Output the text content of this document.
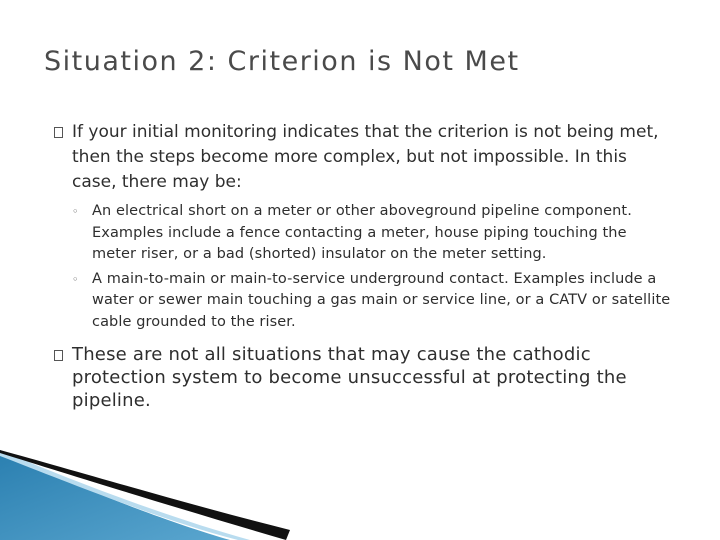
Situation 2: Criterion is Not Met
If your initial monitoring indicates that the criterion is not being met, then the steps become more complex, but not impossible. In this case, there may be:
◦ An electrical short on a meter or other aboveground pipeline component. Examples include a fence contacting a meter, house piping touching the meter riser, or a bad (shorted) insulator on the meter setting.
◦ A main-to-main or main-to-service underground contact. Examples include a water or sewer main touching a gas main or service line, or a CATV or satellite cable grounded to the riser.
These are not all situations that may cause the cathodic protection system to become unsuccessful at protecting the pipeline.
